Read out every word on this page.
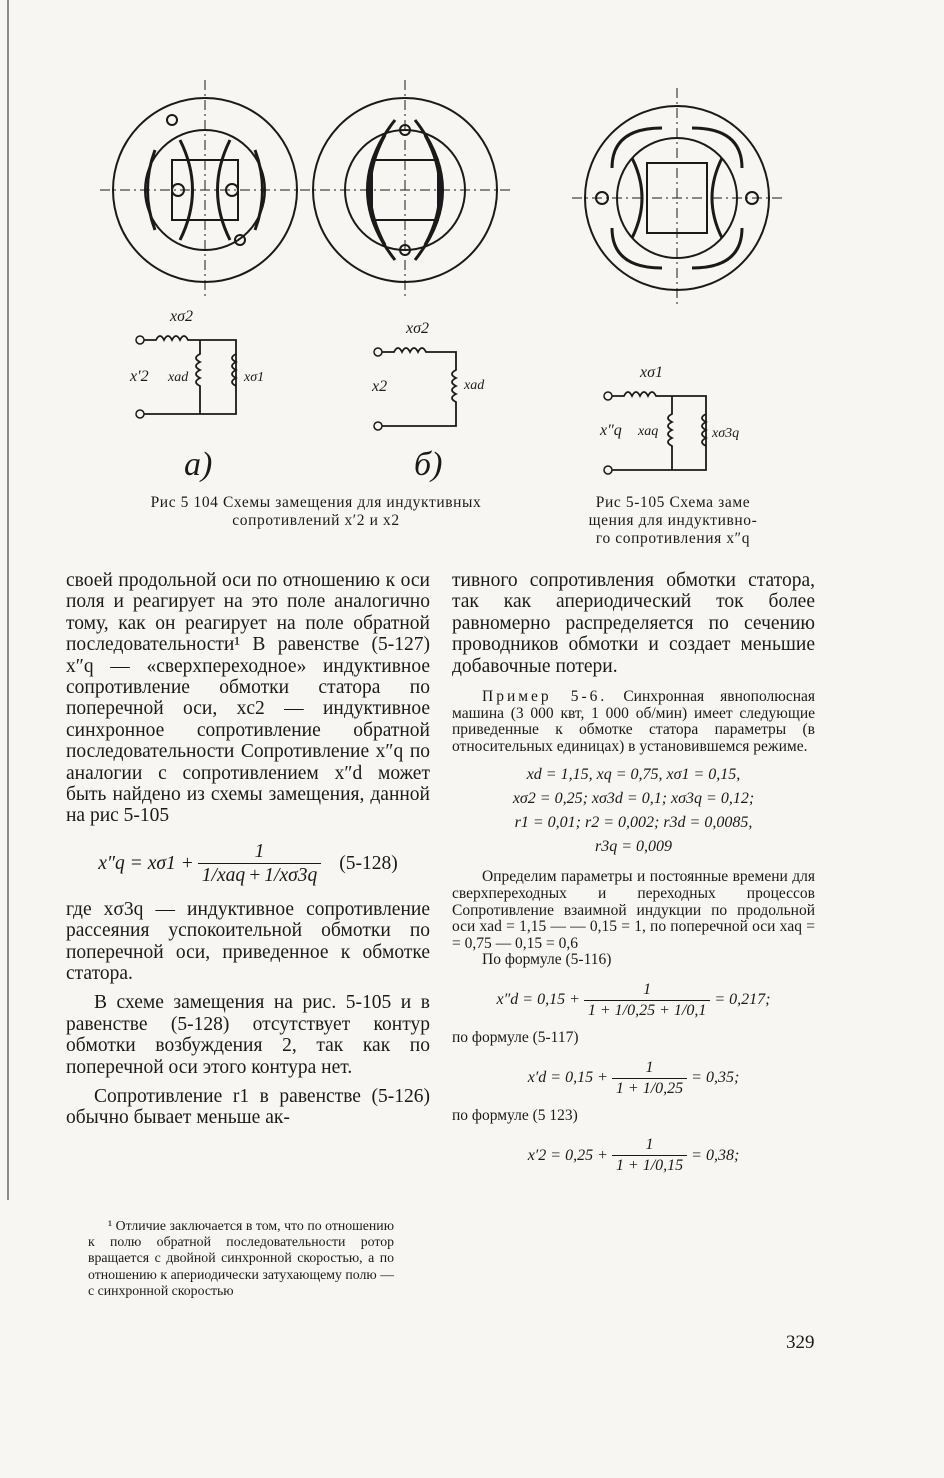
xσ2
x′2 xad	xσ1
xσ2
x2	xad
xσ1
x″q xaq	xσ3q
а)	б)
Рис 5 104 Схемы замещения для индуктивных
сопротивлений x′2 и x2
Рис 5-105 Схема заме
щения для индуктивно-
го сопротивления x″q

своей продольной оси по отношению к оси поля и реагирует на это поле аналогично тому, как он реагирует на поле обратной последовательности¹ В равенстве (5-127) x″q — «сверхпереходное» индуктивное сопротивление обмотки статора по поперечной оси, xс2 — индуктивное синхронное сопротивление обратной последовательности Сопротивление x″q по аналогии с сопротивлением x″d может быть найдено из схемы замещения, данной на рис 5-105

$x''q = x\sigma 1 + \frac{1}{\text{1/xaq + 1/xσ3q}} (5-128)$

где xσ3q — индуктивное сопротивление рассеяния успокоительной обмотки по поперечной оси, приведенное к обмотке статора.

В схеме замещения на рис. 5-105 и в равенстве (5-128) отсутствует контур обмотки возбуждения 2, так как по поперечной оси этого контура нет.

Сопротивление r1 в равенстве (5-126) обычно бывает меньше ак-

тивного сопротивления обмотки статора, так как апериодический ток более равномерно распределяется по сечению проводников обмотки и создает меньшие добавочные потери.

Пример 5-6. Синхронная явнополюсная машина (3 000 квт, 1 000 об/мин) имеет следующие приведенные к обмотке статора параметры (в относительных единицах) в установившемся режиме.

xd = 1,15, xq = 0,75, xσ1 = 0,15,

xσ2 = 0,25; xσ3d = 0,1; xσ3q = 0,12;

r1 = 0,01; r2 = 0,002; r3d = 0,0085,

r3q = 0,009

Определим параметры и постоянные времени для сверхпереходных и переходных процессов Сопротивление взаимной индукции по продольной оси xad = 1,15 — — 0,15 = 1, по поперечной оси xaq = = 0,75 — 0,15 = 0,6

По формуле (5-116)

$x''d = 0,15 + \frac{1}{1 + 1/0,25 + 1/0,1} = 0,217$;

по формуле (5-117)

$x'd = 0,15 + \frac{1}{1 + 1/0,25} = 0,35$;

по формуле (5 123)

$x'2 = 0,25 + \frac{1}{1 + 1/0,15} = 0,38$;

¹ Отличие заключается в том, что по отношению к полю обратной последовательности ротор вращается с двойной синхронной скоростью, а по отношению к апериодически затухающему полю — с синхронной скоростью

329
